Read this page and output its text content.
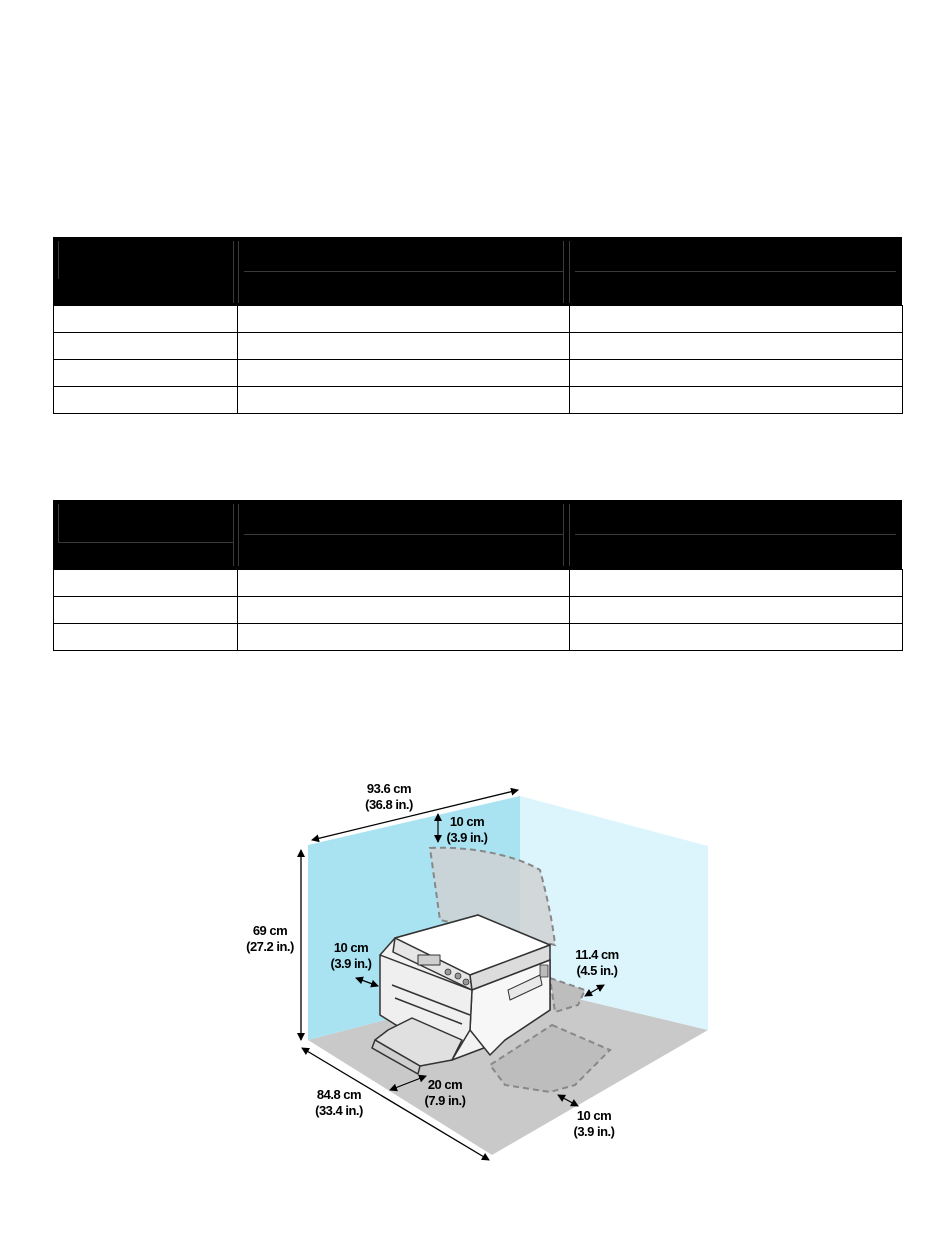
93.6 cm
(36.8 in.)
10 cm
(3.9 in.)
69 cm
(27.2 in.)	10 cm
(3.9 in.)
11.4 cm
(4.5 in.)
84.8 cm
(33.4 in.)
20 cm
(7.9 in.)
10 cm
(3.9 in.)
